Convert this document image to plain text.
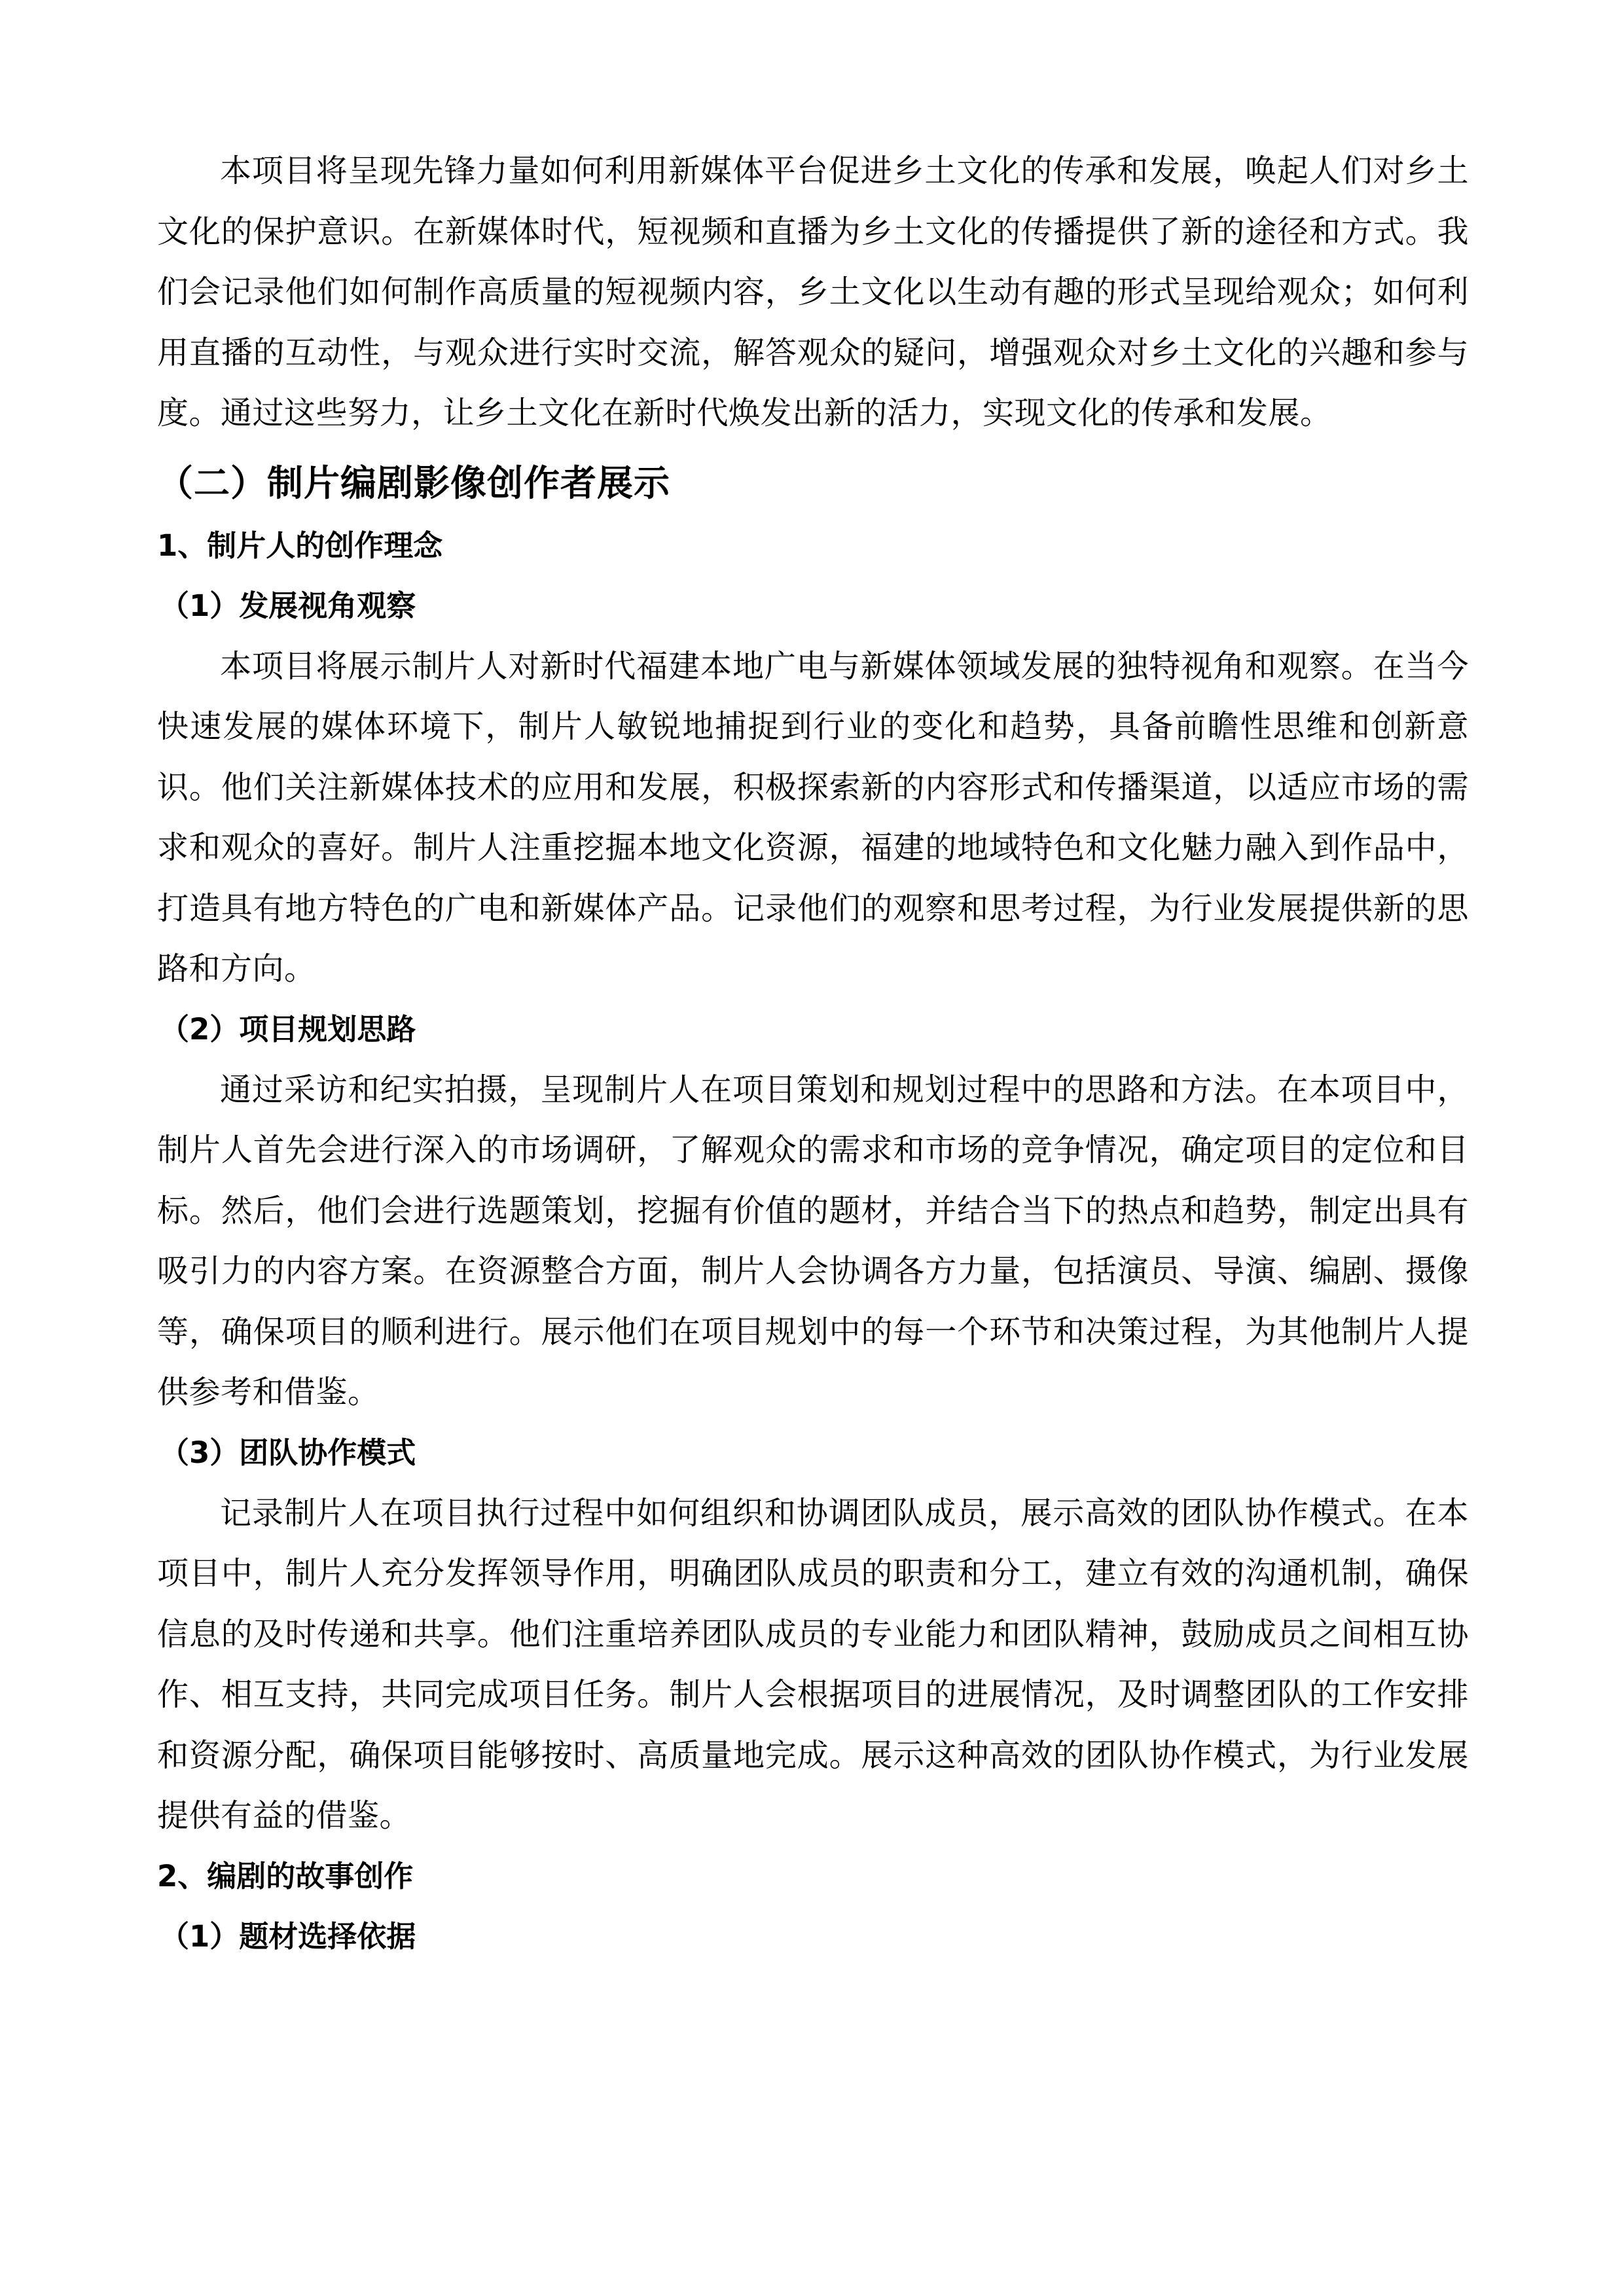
本项目将呈现先锋力量如何利用新媒体平台促进乡土文化的传承和发展，唤起人们对乡土文化的保护意识。在新媒体时代，短视频和直播为乡土文化的传播提供了新的途径和方式。我们会记录他们如何制作高质量的短视频内容，乡土文化以生动有趣的形式呈现给观众；如何利用直播的互动性，与观众进行实时交流，解答观众的疑问，增强观众对乡土文化的兴趣和参与度。通过这些努力，让乡土文化在新时代焕发出新的活力，实现文化的传承和发展。

（二）制片编剧影像创作者展示
1、制片人的创作理念
（1）发展视角观察

本项目将展示制片人对新时代福建本地广电与新媒体领域发展的独特视角和观察。在当今快速发展的媒体环境下，制片人敏锐地捕捉到行业的变化和趋势，具备前瞻性思维和创新意识。他们关注新媒体技术的应用和发展，积极探索新的内容形式和传播渠道，以适应市场的需求和观众的喜好。制片人注重挖掘本地文化资源，福建的地域特色和文化魅力融入到作品中，打造具有地方特色的广电和新媒体产品。记录他们的观察和思考过程，为行业发展提供新的思路和方向。

（2）项目规划思路

通过采访和纪实拍摄，呈现制片人在项目策划和规划过程中的思路和方法。在本项目中，制片人首先会进行深入的市场调研，了解观众的需求和市场的竞争情况，确定项目的定位和目标。然后，他们会进行选题策划，挖掘有价值的题材，并结合当下的热点和趋势，制定出具有吸引力的内容方案。在资源整合方面，制片人会协调各方力量，包括演员、导演、编剧、摄像等，确保项目的顺利进行。展示他们在项目规划中的每一个环节和决策过程，为其他制片人提供参考和借鉴。

（3）团队协作模式

记录制片人在项目执行过程中如何组织和协调团队成员，展示高效的团队协作模式。在本项目中，制片人充分发挥领导作用，明确团队成员的职责和分工，建立有效的沟通机制，确保信息的及时传递和共享。他们注重培养团队成员的专业能力和团队精神，鼓励成员之间相互协作、相互支持，共同完成项目任务。制片人会根据项目的进展情况，及时调整团队的工作安排和资源分配，确保项目能够按时、高质量地完成。展示这种高效的团队协作模式，为行业发展提供有益的借鉴。

2、编剧的故事创作
（1）题材选择依据
